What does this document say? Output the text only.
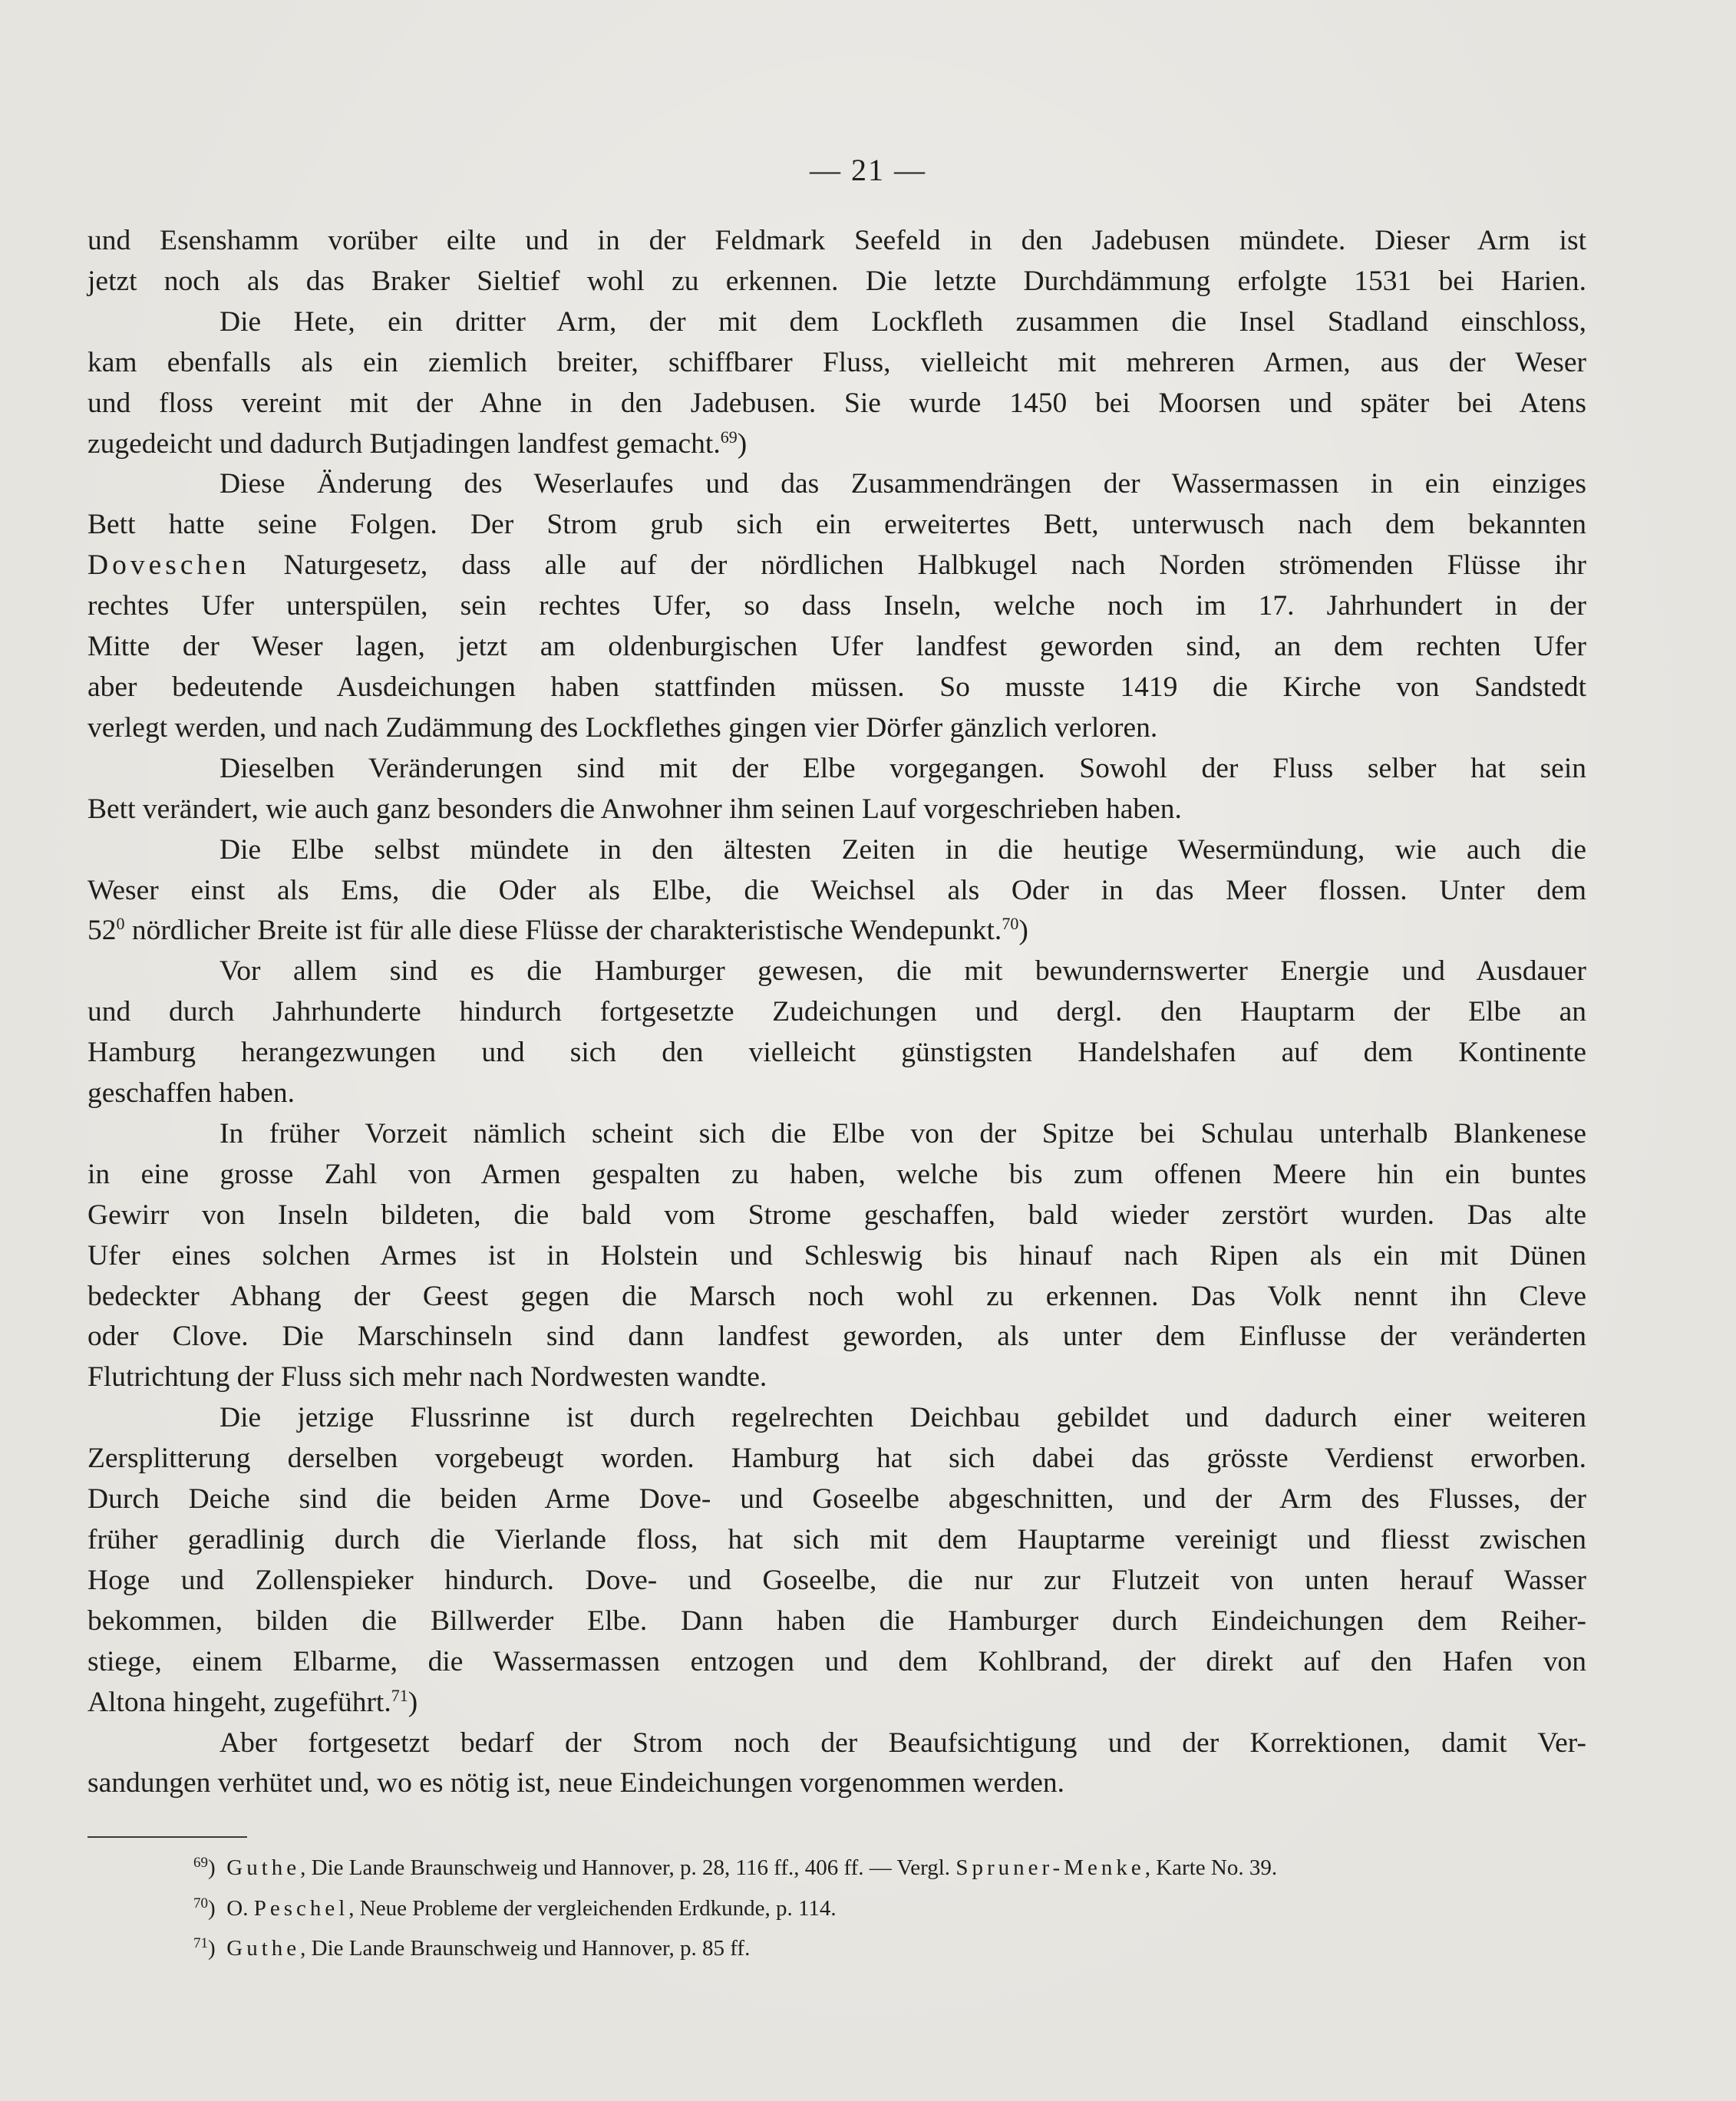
— 21 —
und Esenshamm vorüber eilte und in der Feldmark Seefeld in den Jadebusen mündete. Dieser Arm ist
jetzt noch als das Braker Sieltief wohl zu erkennen. Die letzte Durchdämmung erfolgte 1531 bei Harien.
Die Hete, ein dritter Arm, der mit dem Lockfleth zusammen die Insel Stadland einschloss,
kam ebenfalls als ein ziemlich breiter, schiffbarer Fluss, vielleicht mit mehreren Armen, aus der Weser
und floss vereint mit der Ahne in den Jadebusen. Sie wurde 1450 bei Moorsen und später bei Atens
zugedeicht und dadurch Butjadingen landfest gemacht.$^{69}$)
Diese Änderung des Weserlaufes und das Zusammendrängen der Wassermassen in ein einziges
Bett hatte seine Folgen. Der Strom grub sich ein erweitertes Bett, unterwusch nach dem bekannten
Doveschen Naturgesetz, dass alle auf der nördlichen Halbkugel nach Norden strömenden Flüsse ihr
rechtes Ufer unterspülen, sein rechtes Ufer, so dass Inseln, welche noch im 17. Jahrhundert in der
Mitte der Weser lagen, jetzt am oldenburgischen Ufer landfest geworden sind, an dem rechten Ufer
aber bedeutende Ausdeichungen haben stattfinden müssen. So musste 1419 die Kirche von Sandstedt
verlegt werden, und nach Zudämmung des Lockflethes gingen vier Dörfer gänzlich verloren.
Dieselben Veränderungen sind mit der Elbe vorgegangen. Sowohl der Fluss selber hat sein
Bett verändert, wie auch ganz besonders die Anwohner ihm seinen Lauf vorgeschrieben haben.
Die Elbe selbst mündete in den ältesten Zeiten in die heutige Wesermündung, wie auch die
Weser einst als Ems, die Oder als Elbe, die Weichsel als Oder in das Meer flossen. Unter dem
$52^0$ nördlicher Breite ist für alle diese Flüsse der charakteristische Wendepunkt.$^{70}$)
Vor allem sind es die Hamburger gewesen, die mit bewundernswerter Energie und Ausdauer
und durch Jahrhunderte hindurch fortgesetzte Zudeichungen und dergl. den Hauptarm der Elbe an
Hamburg herangezwungen und sich den vielleicht günstigsten Handelshafen auf dem Kontinente
geschaffen haben.
In früher Vorzeit nämlich scheint sich die Elbe von der Spitze bei Schulau unterhalb Blankenese
in eine grosse Zahl von Armen gespalten zu haben, welche bis zum offenen Meere hin ein buntes
Gewirr von Inseln bildeten, die bald vom Strome geschaffen, bald wieder zerstört wurden. Das alte
Ufer eines solchen Armes ist in Holstein und Schleswig bis hinauf nach Ripen als ein mit Dünen
bedeckter Abhang der Geest gegen die Marsch noch wohl zu erkennen. Das Volk nennt ihn Cleve
oder Clove. Die Marschinseln sind dann landfest geworden, als unter dem Einflusse der veränderten
Flutrichtung der Fluss sich mehr nach Nordwesten wandte.
Die jetzige Flussrinne ist durch regelrechten Deichbau gebildet und dadurch einer weiteren
Zersplitterung derselben vorgebeugt worden. Hamburg hat sich dabei das grösste Verdienst erworben.
Durch Deiche sind die beiden Arme Dove- und Goseelbe abgeschnitten, und der Arm des Flusses, der
früher geradlinig durch die Vierlande floss, hat sich mit dem Hauptarme vereinigt und fliesst zwischen
Hoge und Zollenspieker hindurch. Dove- und Goseelbe, die nur zur Flutzeit von unten herauf Wasser
bekommen, bilden die Billwerder Elbe. Dann haben die Hamburger durch Eindeichungen dem Reiher-
stiege, einem Elbarme, die Wassermassen entzogen und dem Kohlbrand, der direkt auf den Hafen von
Altona hingeht, zugeführt.$^{71}$)
Aber fortgesetzt bedarf der Strom noch der Beaufsichtigung und der Korrektionen, damit Ver-
sandungen verhütet und, wo es nötig ist, neue Eindeichungen vorgenommen werden.
$^{69}$) Guthe, Die Lande Braunschweig und Hannover, p. 28, 116 ff., 406 ff. — Vergl. Spruner-Menke, Karte No. 39.
$^{70}$) O. Peschel, Neue Probleme der vergleichenden Erdkunde, p. 114.
$^{71}$) Guthe, Die Lande Braunschweig und Hannover, p. 85 ff.
